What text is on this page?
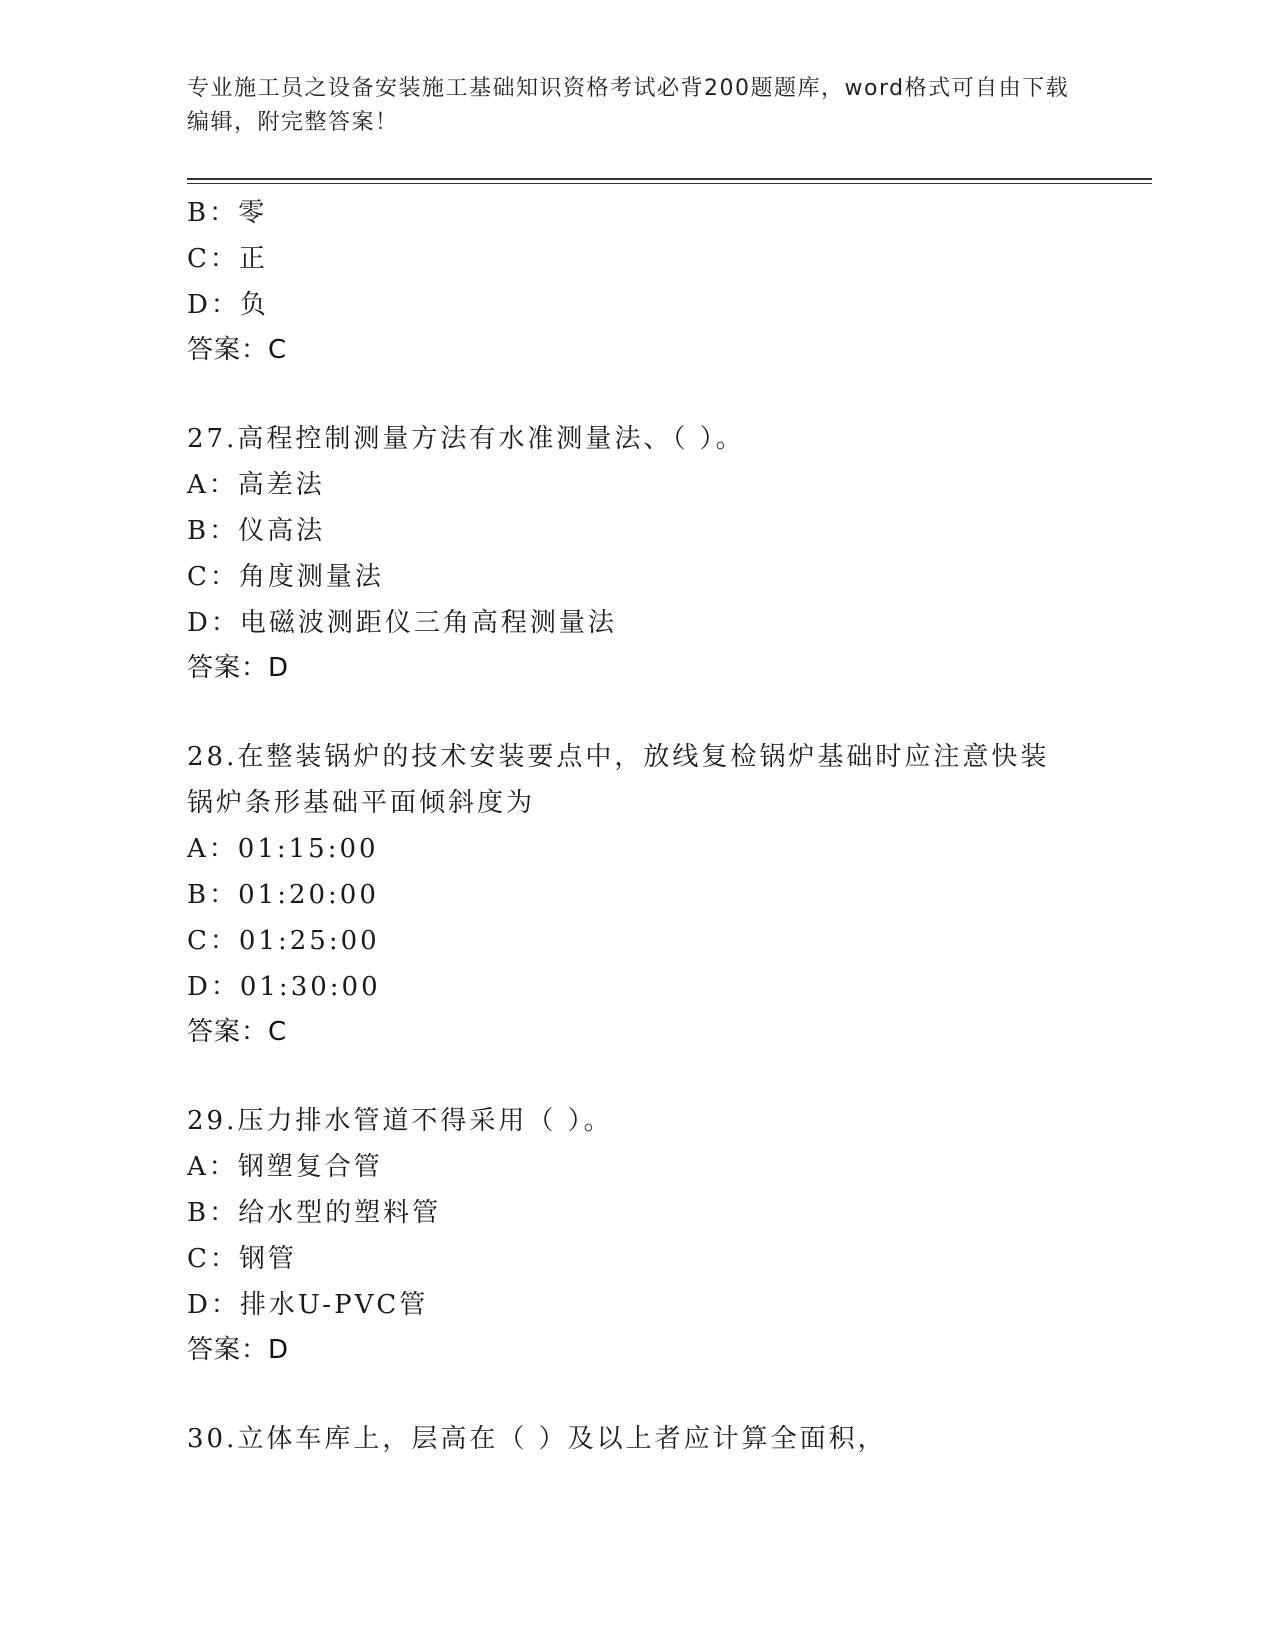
专业施工员之设备安装施工基础知识资格考试必背200题题库，word格式可自由下载编辑，附完整答案！
B：零
C：正
D：负
答案：C
27.高程控制测量方法有水准测量法、（ ）。
A：高差法
B：仪高法
C：角度测量法
D：电磁波测距仪三角高程测量法
答案：D
28.在整装锅炉的技术安装要点中，放线复检锅炉基础时应注意快装锅炉条形基础平面倾斜度为
A：01:15:00
B：01:20:00
C：01:25:00
D：01:30:00
答案：C
29.压力排水管道不得采用（ ）。
A：钢塑复合管
B：给水型的塑料管
C：钢管
D：排水U-PVC管
答案：D
30.立体车库上，层高在（ ）及以上者应计算全面积，
